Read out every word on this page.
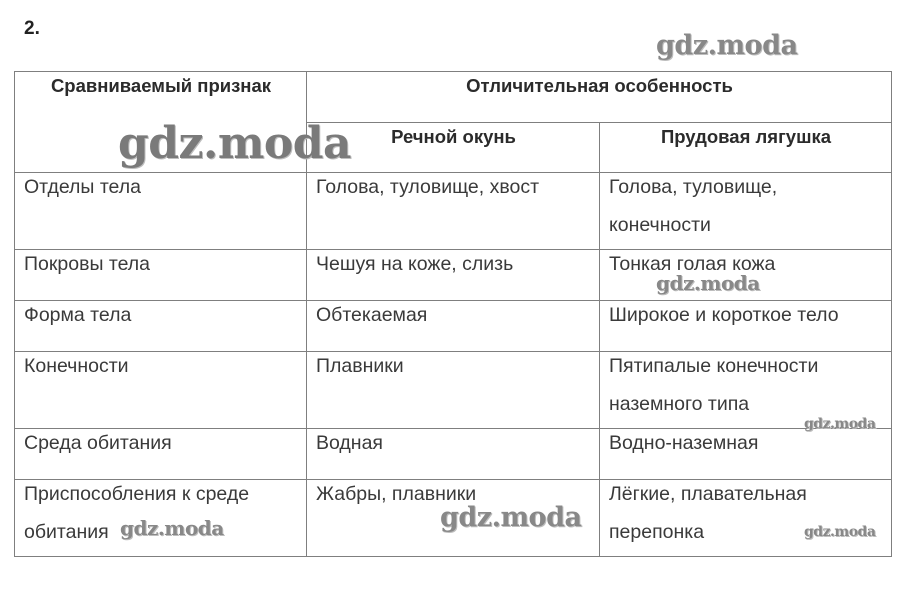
2.
Сравниваемый признак	Отличительная особенность	
	Речной окунь	Прудовая лягушка

Отделы тела	Голова, туловище, хвост	Голова, туловище, конечности

Покровы тела	Чешуя на коже, слизь	Тонкая голая кожа

Форма тела	Обтекаемая	Широкое и короткое тело

Конечности	Плавники	Пятипалые конечности наземного типа

Среда обитания	Водная	Водно-наземная

Приспособления к среде обитания	Жабры, плавники	Лёгкие, плавательная перепонка
gdz.moda
gdz.moda
gdz.moda
gdz.moda
gdz.moda
gdz.moda	gdz.moda
